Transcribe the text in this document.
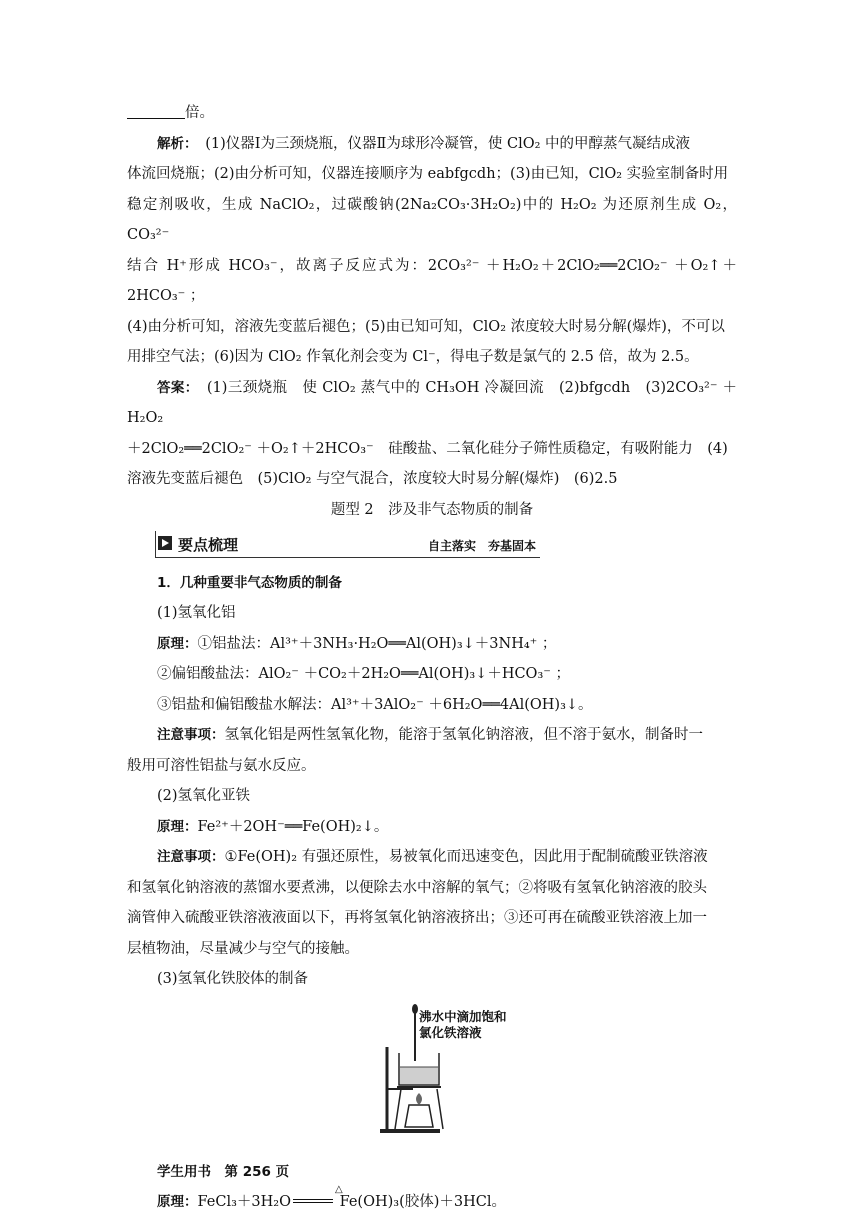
倍。

解析：　 (1)仪器Ⅰ为三颈烧瓶，仪器Ⅱ为球形冷凝管，使 ClO₂ 中的甲醇蒸气凝结成液

体流回烧瓶；(2)由分析可知，仪器连接顺序为 eabfgcdh；(3)由已知，ClO₂ 实验室制备时用

稳定剂吸收，生成 NaClO₂，过碳酸钠(2Na₂CO₃·3H₂O₂)中的 H₂O₂ 为还原剂生成 O₂，CO₃²⁻

结合 H⁺形成 HCO₃⁻，故离子反应式为：2CO₃²⁻ ＋H₂O₂＋2ClO₂══2ClO₂⁻ ＋O₂↑＋2HCO₃⁻ ；

(4)由分析可知，溶液先变蓝后褪色；(5)由已知可知，ClO₂ 浓度较大时易分解(爆炸)，不可以

用排空气法；(6)因为 ClO₂ 作氧化剂会变为 Cl⁻，得电子数是氯气的 2.5 倍，故为 2.5。

答案：　 (1)三颈烧瓶　使 ClO₂ 蒸气中的 CH₃OH 冷凝回流　(2)bfgcdh　(3)2CO₃²⁻ ＋H₂O₂

＋2ClO₂══2ClO₂⁻ ＋O₂↑＋2HCO₃⁻　硅酸盐、二氧化硅分子筛性质稳定，有吸附能力　(4)

溶液先变蓝后褪色　(5)ClO₂ 与空气混合，浓度较大时易分解(爆炸)　(6)2.5

题型 2　涉及非气态物质的制备

要点梳理	自主落实　夯基固本

1．几种重要非气态物质的制备

(1)氢氧化铝

原理：①铝盐法：Al³⁺＋3NH₃·H₂O══Al(OH)₃↓＋3NH₄⁺ ；

②偏铝酸盐法：AlO₂⁻ ＋CO₂＋2H₂O══Al(OH)₃↓＋HCO₃⁻ ；

③铝盐和偏铝酸盐水解法：Al³⁺＋3AlO₂⁻ ＋6H₂O══4Al(OH)₃↓。

注意事项：氢氧化铝是两性氢氧化物，能溶于氢氧化钠溶液，但不溶于氨水，制备时一

般用可溶性铝盐与氨水反应。

(2)氢氧化亚铁

原理：Fe²⁺＋2OH⁻══Fe(OH)₂↓。

注意事项：①Fe(OH)₂ 有强还原性，易被氧化而迅速变色，因此用于配制硫酸亚铁溶液

和氢氧化钠溶液的蒸馏水要煮沸，以便除去水中溶解的氧气；②将吸有氢氧化钠溶液的胶头

滴管伸入硫酸亚铁溶液液面以下，再将氢氧化钠溶液挤出；③还可再在硫酸亚铁溶液上加一

层植物油，尽量减少与空气的接触。

(3)氢氧化铁胶体的制备

沸水中滴加饱和
氯化铁溶液

学生用书　第 256 页

原理：FeCl₃＋3H₂O
△
Fe(OH)₃(胶体)＋3HCl。
